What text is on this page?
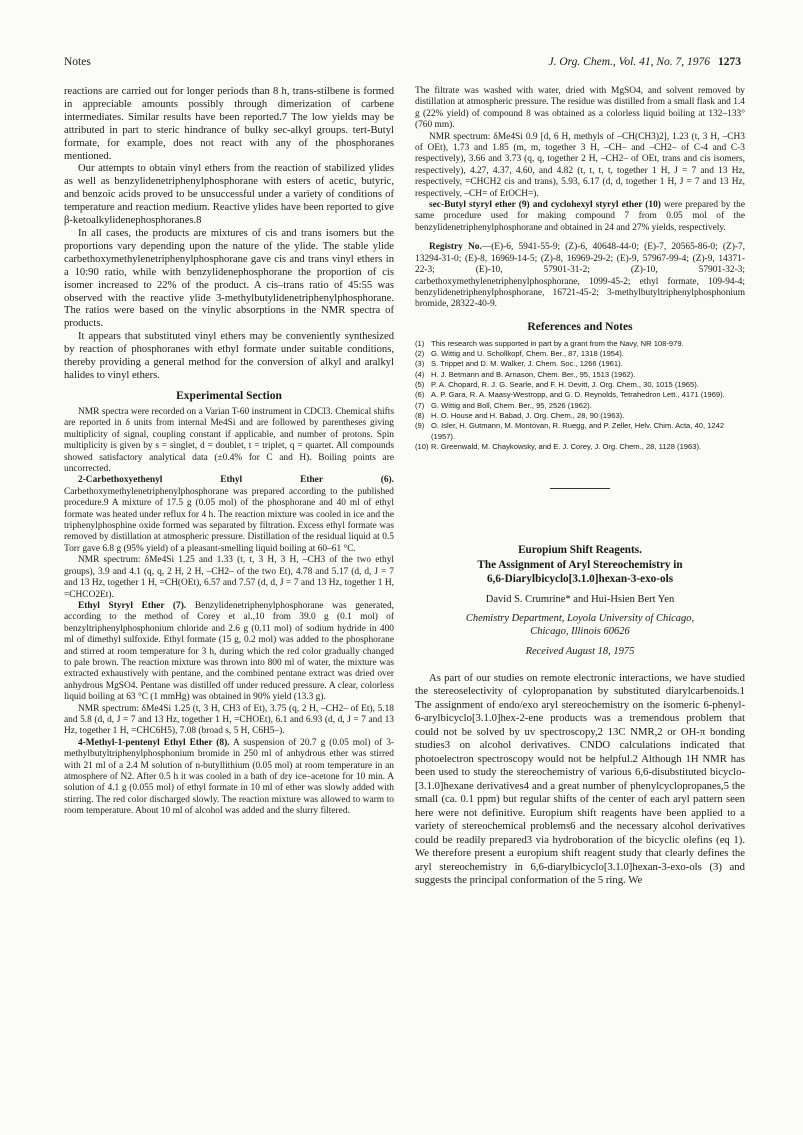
Notes	J. Org. Chem., Vol. 41, No. 7, 1976 1273

reactions are carried out for longer periods than 8 h, trans-stilbene is formed in appreciable amounts possibly through dimerization of carbene intermediates. Similar results have been reported.7 The low yields may be attributed in part to steric hindrance of bulky sec-alkyl groups. tert-Butyl formate, for example, does not react with any of the phosphoranes mentioned.

Our attempts to obtain vinyl ethers from the reaction of stabilized ylides as well as benzylidenetriphenylphosphorane with esters of acetic, butyric, and benzoic acids proved to be unsuccessful under a variety of conditions of temperature and reaction medium. Reactive ylides have been reported to give β-ketoalkylidenephosphoranes.8

In all cases, the products are mixtures of cis and trans isomers but the proportions vary depending upon the nature of the ylide. The stable ylide carbethoxymethylenetriphenylphosphorane gave cis and trans vinyl ethers in a 10:90 ratio, while with benzylidenephosphorane the proportion of cis isomer increased to 22% of the product. A cis–trans ratio of 45:55 was observed with the reactive ylide 3-methylbutylidenetriphenylphosphorane. The ratios were based on the vinylic absorptions in the NMR spectra of products.

It appears that substituted vinyl ethers may be conveniently synthesized by reaction of phosphoranes with ethyl formate under suitable conditions, thereby providing a general method for the conversion of alkyl and aralkyl halides to vinyl ethers.

Experimental Section

NMR spectra were recorded on a Varian T-60 instrument in CDCl3. Chemical shifts are reported in δ units from internal Me4Si and are followed by parentheses giving multiplicity of signal, coupling constant if applicable, and number of protons. Spin multiplicity is given by s = singlet, d = doublet, t = triplet, q = quartet. All compounds showed satisfactory analytical data (±0.4% for C and H). Boiling points are uncorrected.

2-Carbethoxyethenyl Ethyl Ether (6). Carbethoxymethylenetriphenylphosphorane was prepared according to the published procedure.9 A mixture of 17.5 g (0.05 mol) of the phosphorane and 40 ml of ethyl formate was heated under reflux for 4 h. The reaction mixture was cooled in ice and the triphenylphosphine oxide formed was separated by filtration. Excess ethyl formate was removed by distillation at atmospheric pressure. Distillation of the residual liquid at 0.5 Torr gave 6.8 g (95% yield) of a pleasant-smelling liquid boiling at 60–61 °C.

NMR spectrum: δMe4Si 1.25 and 1.33 (t, t, 3 H, 3 H, –CH3 of the two ethyl groups), 3.9 and 4.1 (q, q, 2 H, 2 H, –CH2– of the two Et), 4.78 and 5.17 (d, d, J = 7 and 13 Hz, together 1 H, =CH(OEt), 6.57 and 7.57 (d, d, J = 7 and 13 Hz, together 1 H, =CHCO2Et).

Ethyl Styryl Ether (7). Benzylidenetriphenylphosphorane was generated, according to the method of Corey et al.,10 from 39.0 g (0.1 mol) of benzyltriphenylphosphonium chloride and 2.6 g (0.11 mol) of sodium hydride in 400 ml of dimethyl sulfoxide. Ethyl formate (15 g, 0.2 mol) was added to the phosphorane and stirred at room temperature for 3 h, during which the red color gradually changed to pale brown. The reaction mixture was thrown into 800 ml of water, the mixture was extracted exhaustively with pentane, and the combined pentane extract was dried over anhydrous MgSO4. Pentane was distilled off under reduced pressure. A clear, colorless liquid boiling at 63 °C (1 mmHg) was obtained in 90% yield (13.3 g).

NMR spectrum: δMe4Si 1.25 (t, 3 H, CH3 of Et), 3.75 (q, 2 H, –CH2– of Et), 5.18 and 5.8 (d, d, J = 7 and 13 Hz, together 1 H, =CHOEt), 6.1 and 6.93 (d, d, J = 7 and 13 Hz, together 1 H, =CHC6H5), 7.08 (broad s, 5 H, C6H5–).

4-Methyl-1-pentenyl Ethyl Ether (8). A suspension of 20.7 g (0.05 mol) of 3-methylbutyltriphenylphosphonium bromide in 250 ml of anhydrous ether was stirred with 21 ml of a 2.4 M solution of n-butyllithium (0.05 mol) at room temperature in an atmosphere of N2. After 0.5 h it was cooled in a bath of dry ice–acetone for 10 min. A solution of 4.1 g (0.055 mol) of ethyl formate in 10 ml of ether was slowly added with stirring. The red color discharged slowly. The reaction mixture was allowed to warm to room temperature. About 10 ml of alcohol was added and the slurry filtered.

The filtrate was washed with water, dried with MgSO4, and solvent removed by distillation at atmospheric pressure. The residue was distilled from a small flask and 1.4 g (22% yield) of compound 8 was obtained as a colorless liquid boiling at 132–133° (760 mm).

NMR spectrum: δMe4Si 0.9 [d, 6 H, methyls of –CH(CH3)2], 1.23 (t, 3 H, –CH3 of OEt), 1.73 and 1.85 (m, m, together 3 H, –CH– and –CH2– of C-4 and C-3 respectively), 3.66 and 3.73 (q, q, together 2 H, –CH2– of OEt, trans and cis isomers, respectively), 4.27, 4.37, 4.60, and 4.82 (t, t, t, t, together 1 H, J = 7 and 13 Hz, respectively, =CHCH2 cis and trans), 5.93, 6.17 (d, d, together 1 H, J = 7 and 13 Hz, respectively, –CH= of EtOCH=).

sec-Butyl styryl ether (9) and cyclohexyl styryl ether (10) were prepared by the same procedure used for making compound 7 from 0.05 mol of the benzylidenetriphenylphosphorane and obtained in 24 and 27% yields, respectively.

Registry No.—(E)-6, 5941-55-9; (Z)-6, 40648-44-0; (E)-7, 20565-86-0; (Z)-7, 13294-31-0; (E)-8, 16969-14-5; (Z)-8, 16969-29-2; (E)-9, 57967-99-4; (Z)-9, 14371-22-3; (E)-10, 57901-31-2; (Z)-10, 57901-32-3; carbethoxymethylenetriphenylphosphorane, 1099-45-2; ethyl formate, 109-94-4; benzylidenetriphenylphosphorane, 16721-45-2; 3-methylbutyltriphenylphosphonium bromide, 28322-40-9.

References and Notes
(1) This research was supported in part by a grant from the Navy, NR 108-979.
(2) G. Wittig and U. Schollkopf, Chem. Ber., 87, 1318 (1954).
(3) S. Trippet and D. M. Walker, J. Chem. Soc., 1266 (1961).
(4) H. J. Betmann and B. Arnason, Chem. Ber., 95, 1513 (1962).
(5) P. A. Chopard, R. J. G. Searle, and F. H. Devitt, J. Org. Chem., 30, 1015 (1965).
(6) A. P. Gara, R. A. Maasy-Westropp, and G. D. Reynolds, Tetrahedron Lett., 4171 (1969).
(7) G. Wittig and Boll, Chem. Ber., 95, 2526 (1962).
(8) H. O. House and H. Babad, J. Org. Chem., 28, 90 (1963).
(9) O. Isler, H. Gutmann, M. Montovan, R. Ruegg, and P. Zeller, Helv. Chim. Acta, 40, 1242 (1957).
(10) R. Greenwald, M. Chaykowsky, and E. J. Corey, J. Org. Chem., 28, 1128 (1963).
Europium Shift Reagents.
The Assignment of Aryl Stereochemistry in
6,6-Diarylbicyclo[3.1.0]hexan-3-exo-ols
David S. Crumrine* and Hui-Hsien Bert Yen
Chemistry Department, Loyola University of Chicago,
Chicago, Illinois 60626
Received August 18, 1975

As part of our studies on remote electronic interactions, we have studied the stereoselectivity of cylopropanation by substituted diarylcarbenoids.1 The assignment of endo/exo aryl stereochemistry on the isomeric 6-phenyl-6-arylbicyclo[3.1.0]hex-2-ene products was a tremendous problem that could not be solved by uv spectroscopy,2 13C NMR,2 or OH-π bonding studies3 on alcohol derivatives. CNDO calculations indicated that photoelectron spectroscopy would not be helpful.2 Although 1H NMR has been used to study the stereochemistry of various 6,6-disubstituted bicyclo-[3.1.0]hexane derivatives4 and a great number of phenylcyclopropanes,5 the small (ca. 0.1 ppm) but regular shifts of the center of each aryl pattern seen here were not definitive. Europium shift reagents have been applied to a variety of stereochemical problems6 and the necessary alcohol derivatives could be readily prepared3 via hydroboration of the bicyclic olefins (eq 1). We therefore present a europium shift reagent study that clearly defines the aryl stereochemistry in 6,6-diarylbicyclo[3.1.0]hexan-3-exo-ols (3) and suggests the principal conformation of the 5 ring. We
